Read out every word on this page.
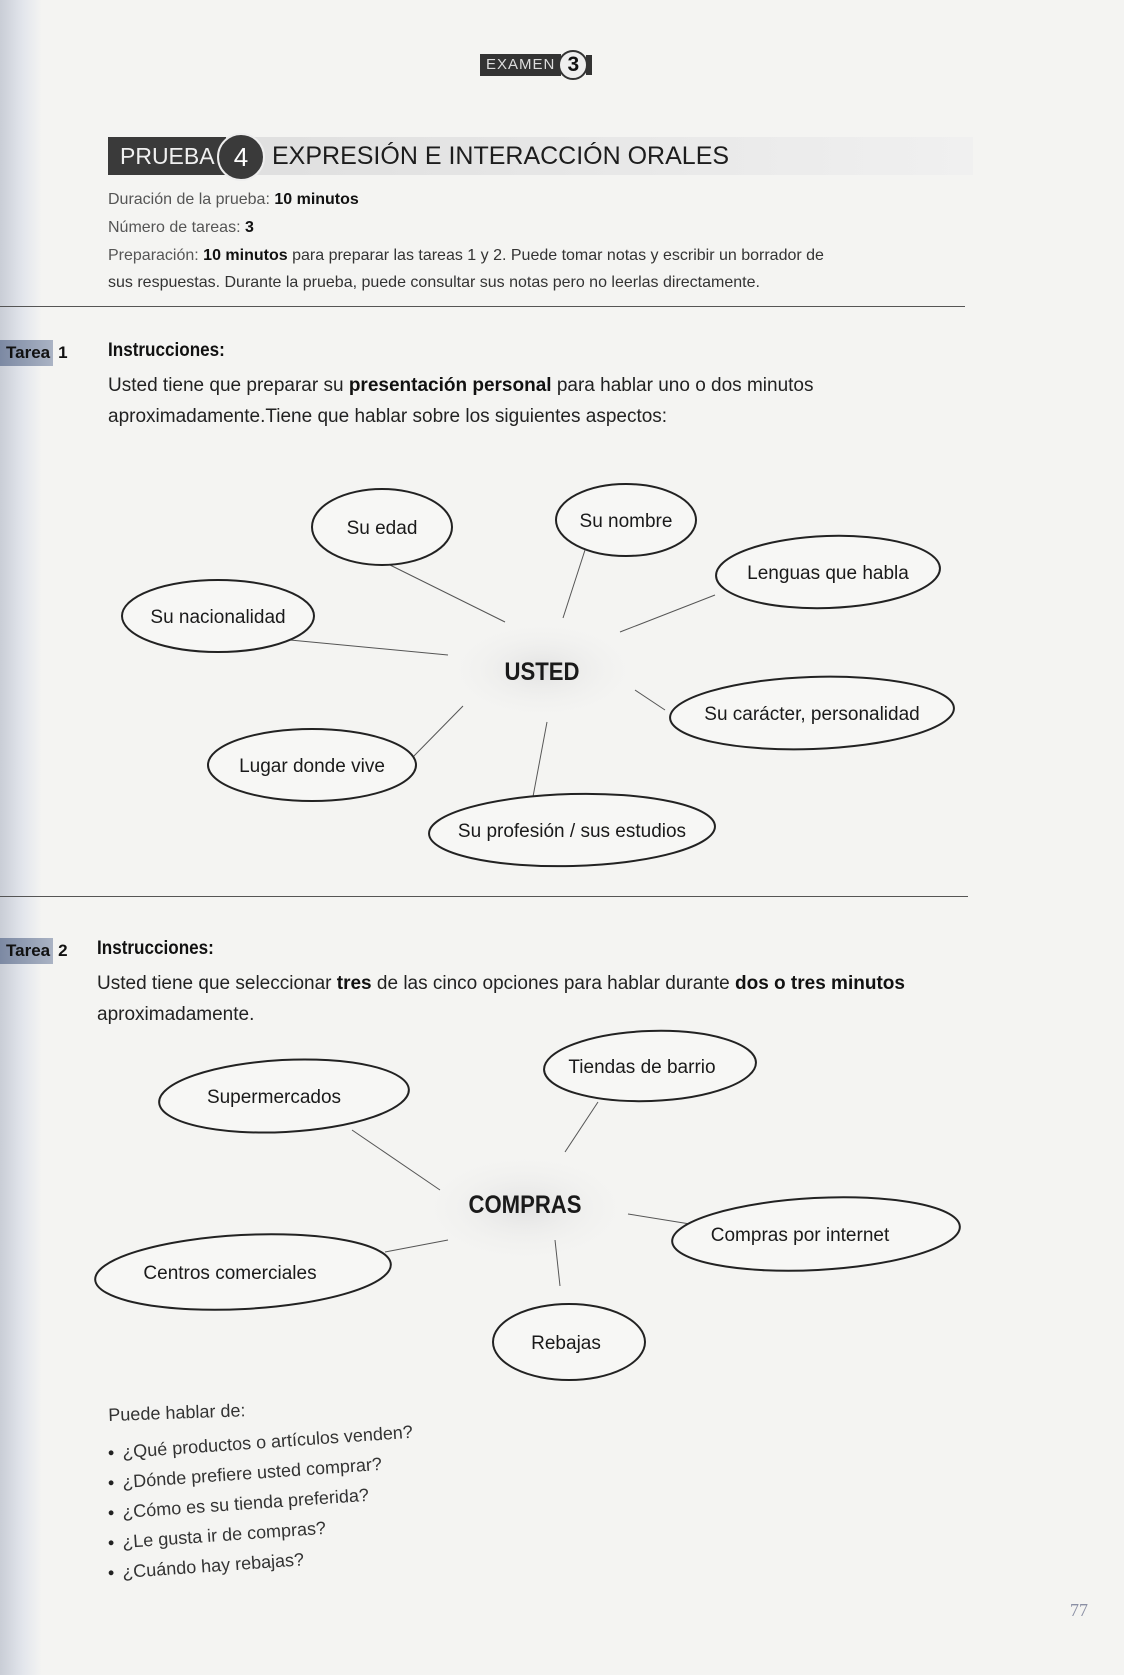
EXAMEN 3
PRUEBA 4 EXPRESIÓN E INTERACCIÓN ORALES
Duración de la prueba: 10 minutos
Número de tareas: 3
Preparación: 10 minutos para preparar las tareas 1 y 2. Puede tomar notas y escribir un borrador de
sus respuestas. Durante la prueba, puede consultar sus notas pero no leerlas directamente.
Tarea 1 Instrucciones:
Usted tiene que preparar su presentación personal para hablar uno o dos minutos
aproximadamente.Tiene que hablar sobre los siguientes aspectos:
USTED
Su edad	Su nombre
Lenguas que habla
Su nacionalidad
Su carácter, personalidad
Lugar donde vive
Su profesión / sus estudios
Tarea 2 Instrucciones:
Usted tiene que seleccionar tres de las cinco opciones para hablar durante dos o tres minutos
aproximadamente.
COMPRAS
Supermercados
Tiendas de barrio
Compras por internet
Centros comerciales
Rebajas
Puede hablar de:
• ¿Qué productos o artículos venden?
• ¿Dónde prefiere usted comprar?
• ¿Cómo es su tienda preferida?
• ¿Le gusta ir de compras?
• ¿Cuándo hay rebajas?
77
